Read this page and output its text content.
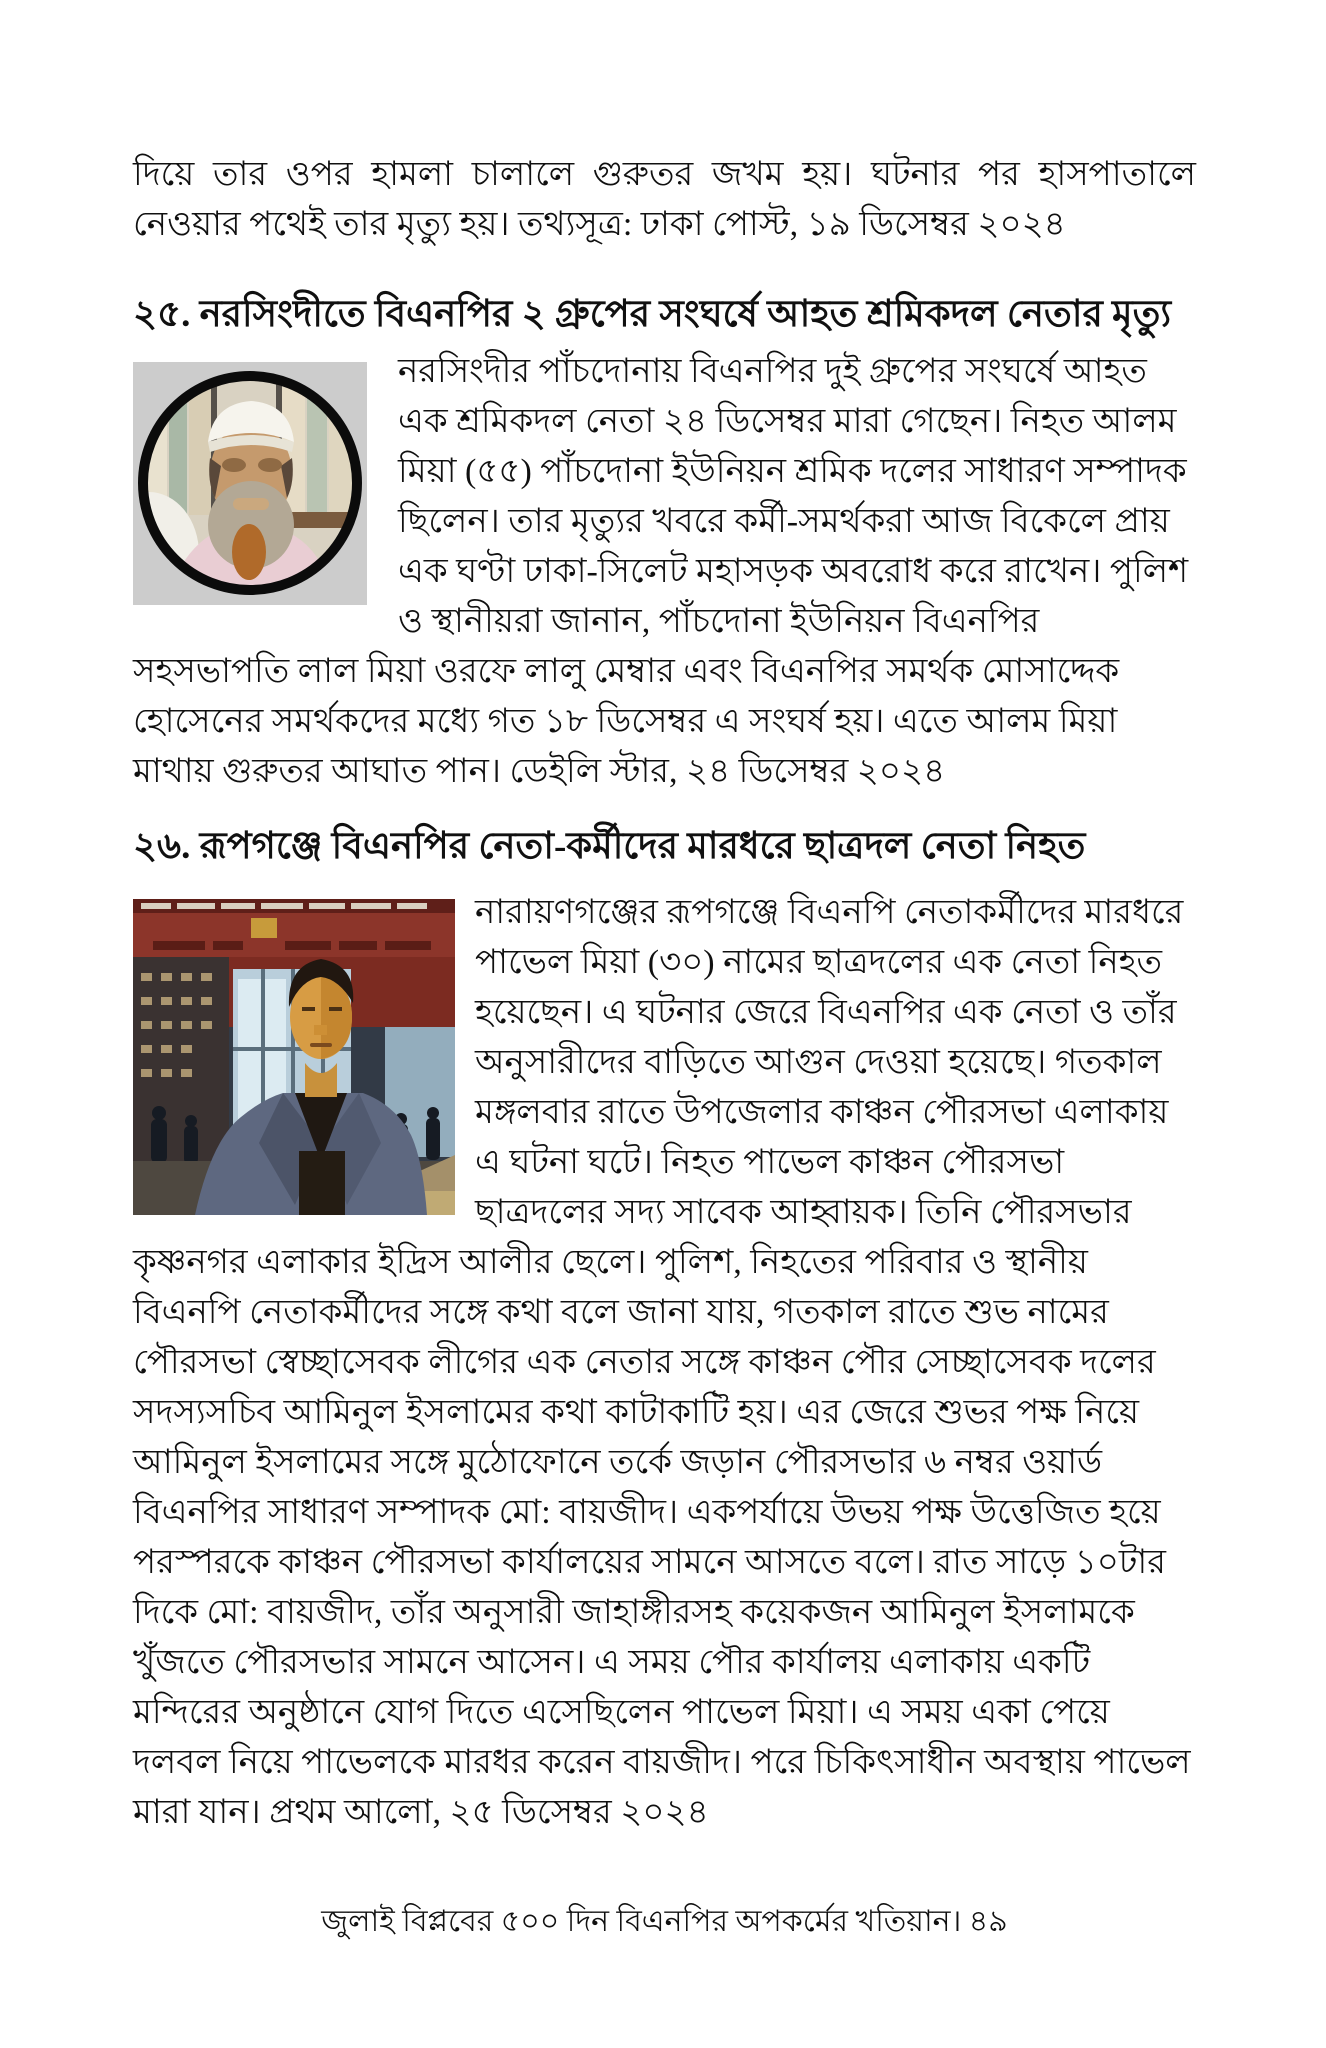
দিয়ে তার ওপর হামলা চালালে গুরুতর জখম হয়। ঘটনার পর হাসপাতালে নেওয়ার পথেই তার মৃত্যু হয়। তথ্যসূত্র: ঢাকা পোস্ট, ১৯ ডিসেম্বর ২০২৪
২৫. নরসিংদীতে বিএনপির ২ গ্রুপের সংঘর্ষে আহত শ্রমিকদল নেতার মৃত্যু
নরসিংদীর পাঁচদোনায় বিএনপির দুই গ্রুপের সংঘর্ষে আহত এক শ্রমিকদল নেতা ২৪ ডিসেম্বর মারা গেছেন। নিহত আলম মিয়া (৫৫) পাঁচদোনা ইউনিয়ন শ্রমিক দলের সাধারণ সম্পাদক ছিলেন। তার মৃত্যুর খবরে কর্মী-সমর্থকরা আজ বিকেলে প্রায় এক ঘণ্টা ঢাকা-সিলেট মহাসড়ক অবরোধ করে রাখেন। পুলিশ ও স্থানীয়রা জানান, পাঁচদোনা ইউনিয়ন বিএনপির সহসভাপতি লাল মিয়া ওরফে লালু মেম্বার এবং বিএনপির সমর্থক মোসাদ্দেক হোসেনের সমর্থকদের মধ্যে গত ১৮ ডিসেম্বর এ সংঘর্ষ হয়। এতে আলম মিয়া মাথায় গুরুতর আঘাত পান। ডেইলি স্টার, ২৪ ডিসেম্বর ২০২৪
২৬. রূপগঞ্জে বিএনপির নেতা-কর্মীদের মারধরে ছাত্রদল নেতা নিহত
নারায়ণগঞ্জের রূপগঞ্জে বিএনপি নেতাকর্মীদের মারধরে পাভেল মিয়া (৩০) নামের ছাত্রদলের এক নেতা নিহত হয়েছেন। এ ঘটনার জেরে বিএনপির এক নেতা ও তাঁর অনুসারীদের বাড়িতে আগুন দেওয়া হয়েছে। গতকাল মঙ্গলবার রাতে উপজেলার কাঞ্চন পৌরসভা এলাকায় এ ঘটনা ঘটে। নিহত পাভেল কাঞ্চন পৌরসভা ছাত্রদলের সদ্য সাবেক আহ্বায়ক। তিনি পৌরসভার কৃষ্ণনগর এলাকার ইদ্রিস আলীর ছেলে। পুলিশ, নিহতের পরিবার ও স্থানীয় বিএনপি নেতাকর্মীদের সঙ্গে কথা বলে জানা যায়, গতকাল রাতে শুভ নামের পৌরসভা স্বেচ্ছাসেবক লীগের এক নেতার সঙ্গে কাঞ্চন পৌর সেচ্ছাসেবক দলের সদস্যসচিব আমিনুল ইসলামের কথা কাটাকাটি হয়। এর জেরে শুভর পক্ষ নিয়ে আমিনুল ইসলামের সঙ্গে মুঠোফোনে তর্কে জড়ান পৌরসভার ৬ নম্বর ওয়ার্ড বিএনপির সাধারণ সম্পাদক মো: বায়জীদ। একপর্যায়ে উভয় পক্ষ উত্তেজিত হয়ে পরস্পরকে কাঞ্চন পৌরসভা কার্যালয়ের সামনে আসতে বলে। রাত সাড়ে ১০টার দিকে মো: বায়জীদ, তাঁর অনুসারী জাহাঙ্গীরসহ কয়েকজন আমিনুল ইসলামকে খুঁজতে পৌরসভার সামনে আসেন। এ সময় পৌর কার্যালয় এলাকায় একটি মন্দিরের অনুষ্ঠানে যোগ দিতে এসেছিলেন পাভেল মিয়া। এ সময় একা পেয়ে দলবল নিয়ে পাভেলকে মারধর করেন বায়জীদ। পরে চিকিৎসাধীন অবস্থায় পাভেল মারা যান। প্রথম আলো, ২৫ ডিসেম্বর ২০২৪
জুলাই বিপ্লবের ৫০০ দিন বিএনপির অপকর্মের খতিয়ান। ৪৯
